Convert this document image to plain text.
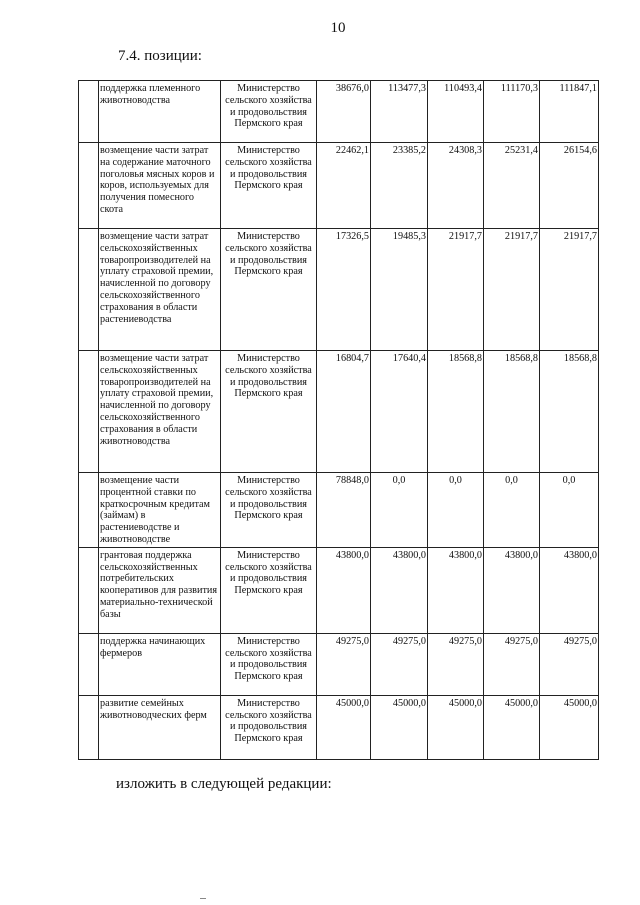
10
7.4. позиции:
	поддержка племенного животноводства	Министерство сельского хозяйства и продовольствия Пермского края	38676,0	113477,3	110493,4	111170,3	111847,1
	возмещение части затрат на содержание маточного поголовья мясных коров и коров, используемых для получения помесного скота	Министерство сельского хозяйства и продовольствия Пермского края	22462,1	23385,2	24308,3	25231,4	26154,6
	возмещение части затрат сельскохозяйственных товаропроизводителей на уплату страховой премии, начисленной по договору сельскохозяйственного страхования в области растениеводства	Министерство сельского хозяйства и продовольствия Пермского края	17326,5	19485,3	21917,7	21917,7	21917,7
	возмещение части затрат сельскохозяйственных товаропроизводителей на уплату страховой премии, начисленной по договору сельскохозяйственного страхования в области животноводства	Министерство сельского хозяйства и продовольствия Пермского края	16804,7	17640,4	18568,8	18568,8	18568,8
	возмещение части процентной ставки по краткосрочным кредитам (займам) в растениеводстве и животноводстве	Министерство сельского хозяйства и продовольствия Пермского края	78848,0	0,0	0,0	0,0	0,0
	грантовая поддержка сельскохозяйственных потребительских кооперативов для развития материально-технической базы	Министерство сельского хозяйства и продовольствия Пермского края	43800,0	43800,0	43800,0	43800,0	43800,0
	поддержка начинающих фермеров	Министерство сельского хозяйства и продовольствия Пермского края	49275,0	49275,0	49275,0	49275,0	49275,0
	развитие семейных животноводческих ферм	Министерство сельского хозяйства и продовольствия Пермского края	45000,0	45000,0	45000,0	45000,0	45000,0
изложить в следующей редакции:
